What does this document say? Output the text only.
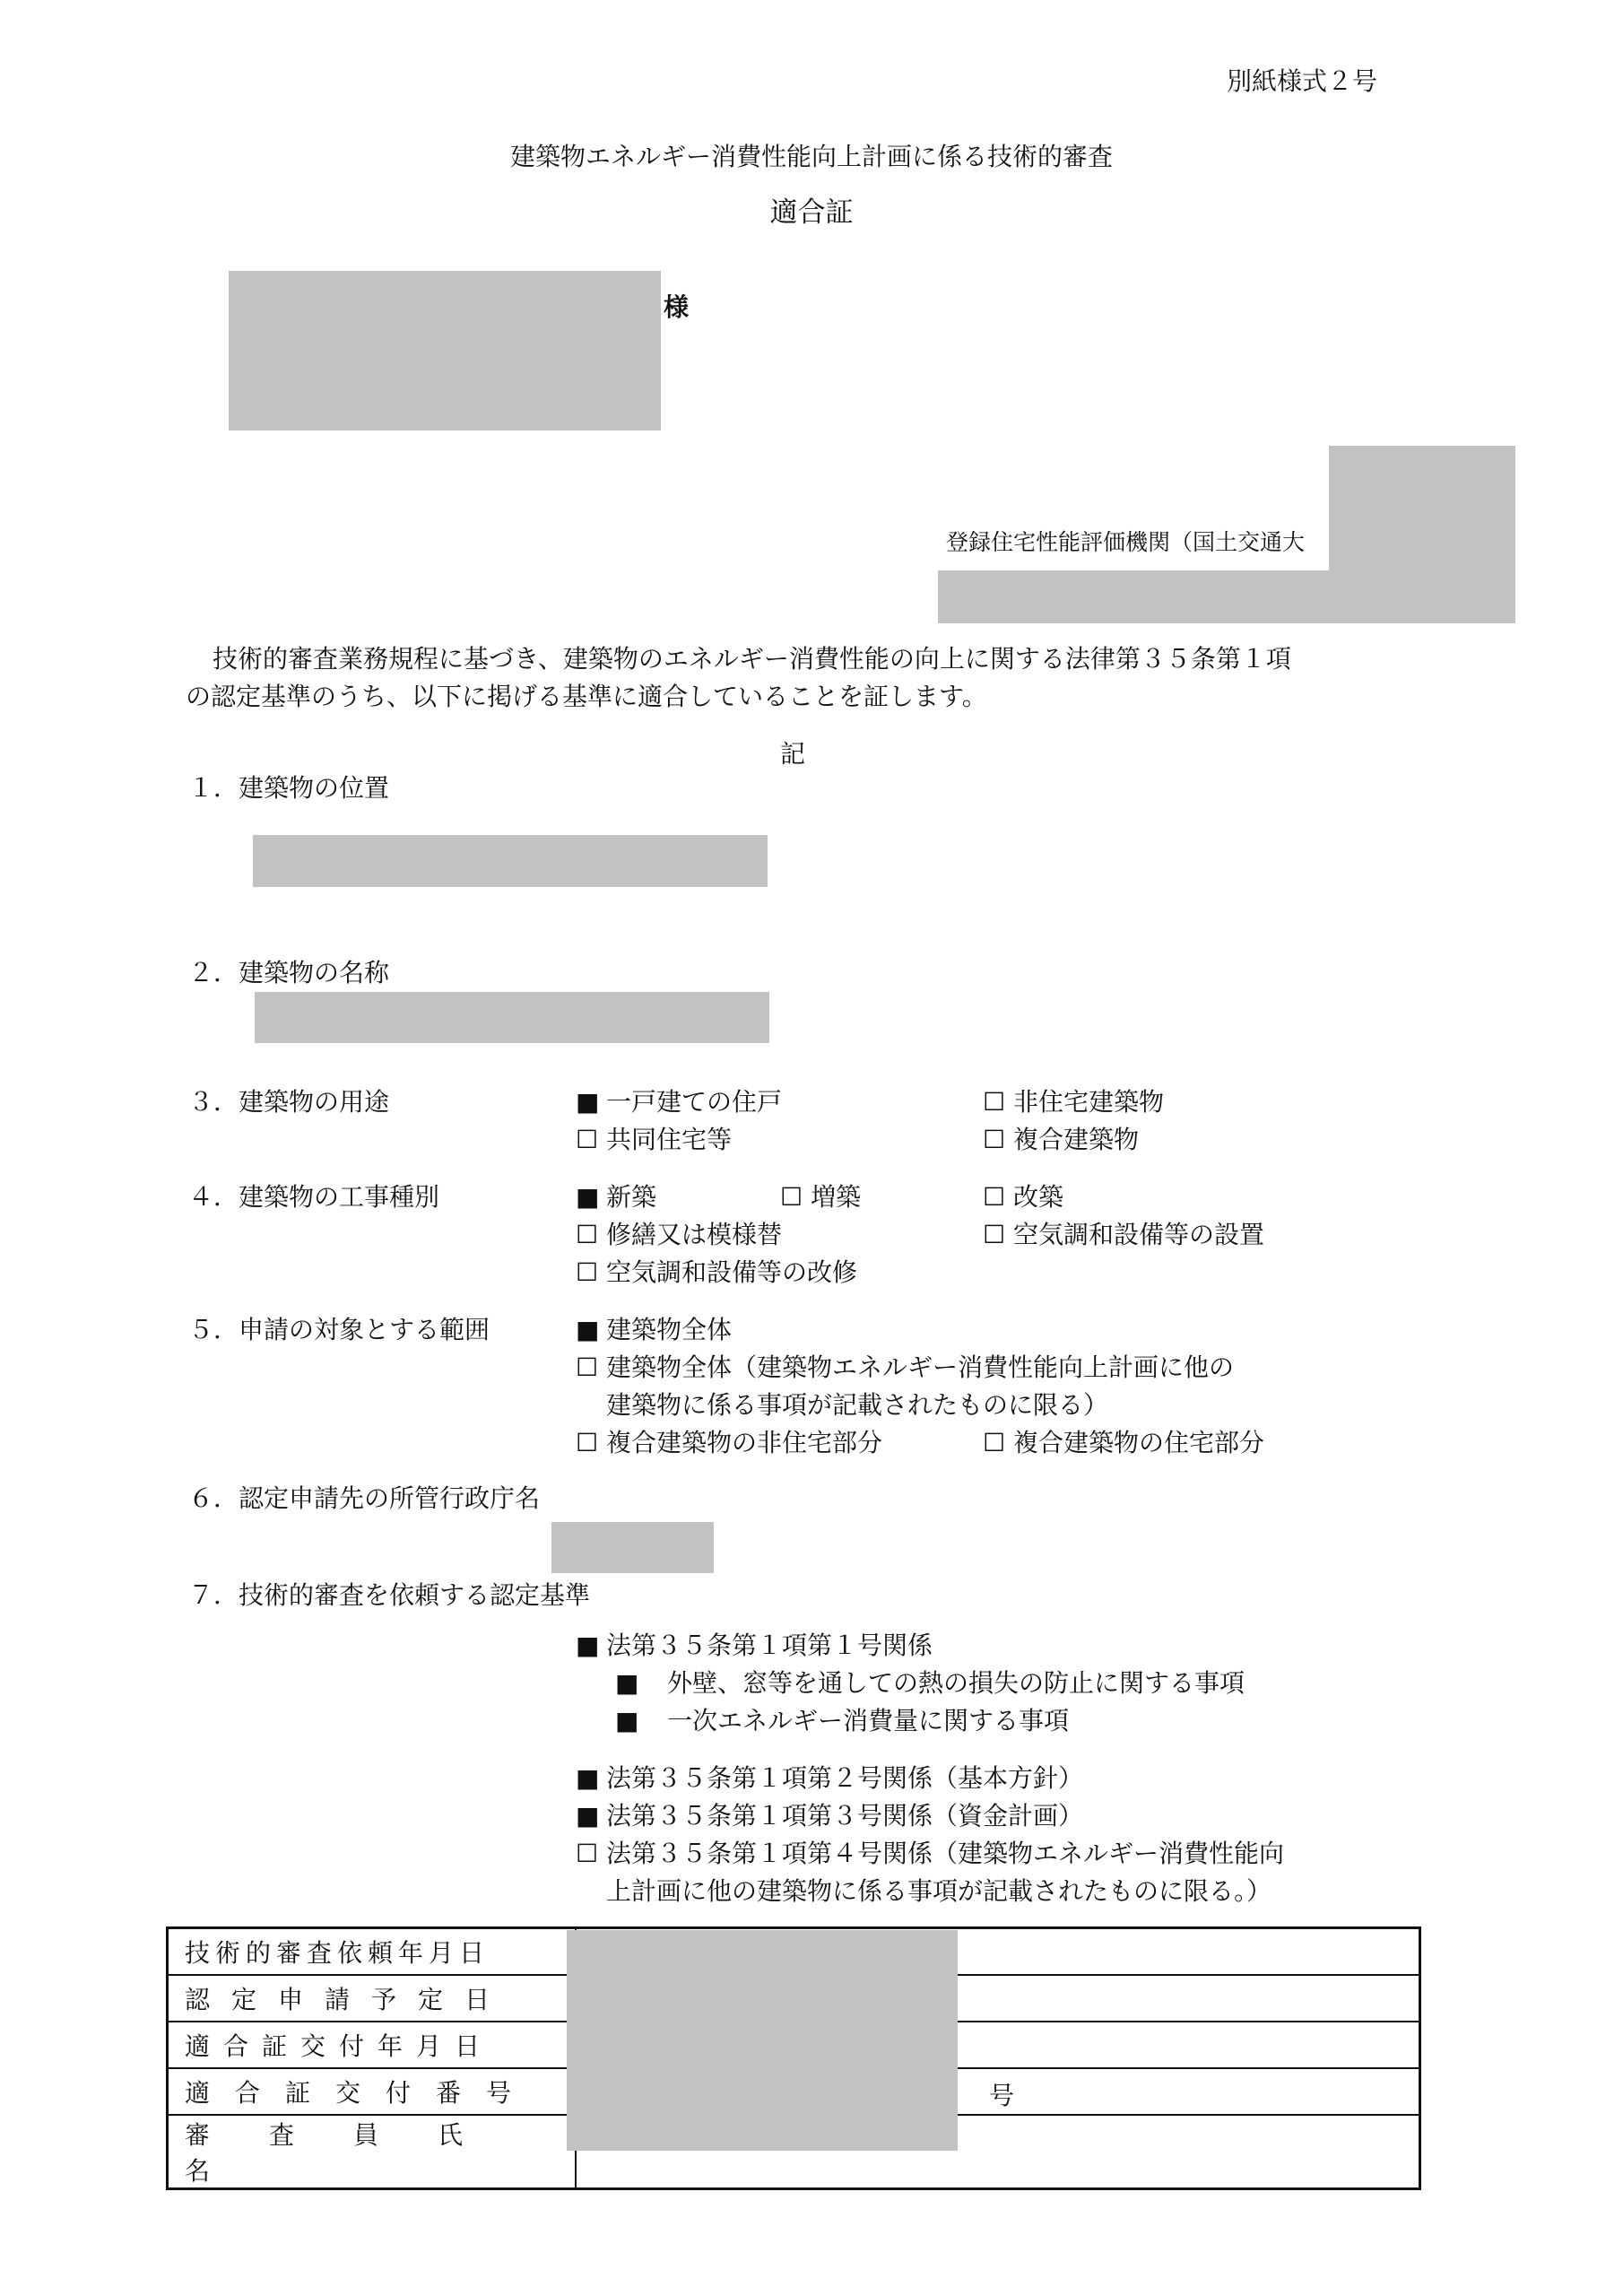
別紙様式２号
建築物エネルギー消費性能向上計画に係る技術的審査
適合証
様
登録住宅性能評価機関（国土交通大
技術的審査業務規程に基づき、建築物のエネルギー消費性能の向上に関する法律第３５条第１項
の認定基準のうち、以下に掲げる基準に適合していることを証します。
記
１．建築物の位置
２．建築物の名称
３．建築物の用途	■ 一戸建ての住戸	☐ 非住宅建築物
☐ 共同住宅等	☐ 複合建築物
４．建築物の工事種別	■ 新築	☐ 増築	☐ 改築
☐ 修繕又は模様替	☐ 空気調和設備等の設置
☐ 空気調和設備等の改修
５．申請の対象とする範囲	■ 建築物全体
☐ 建築物全体（建築物エネルギー消費性能向上計画に他の
建築物に係る事項が記載されたものに限る）
☐ 複合建築物の非住宅部分	☐ 複合建築物の住宅部分
６．認定申請先の所管行政庁名
７．技術的審査を依頼する認定基準
■ 法第３５条第１項第１号関係
■ 外壁、窓等を通しての熱の損失の防止に関する事項
■ 一次エネルギー消費量に関する事項
■ 法第３５条第１項第２号関係（基本方針）
■ 法第３５条第１項第３号関係（資金計画）
☐ 法第３５条第１項第４号関係（建築物エネルギー消費性能向
上計画に他の建築物に係る事項が記載されたものに限る。）
技術的審査依頼年月日	
認定申請予定日	
適合証交付年月日	
適合証交付番号	号

審査員氏名	
